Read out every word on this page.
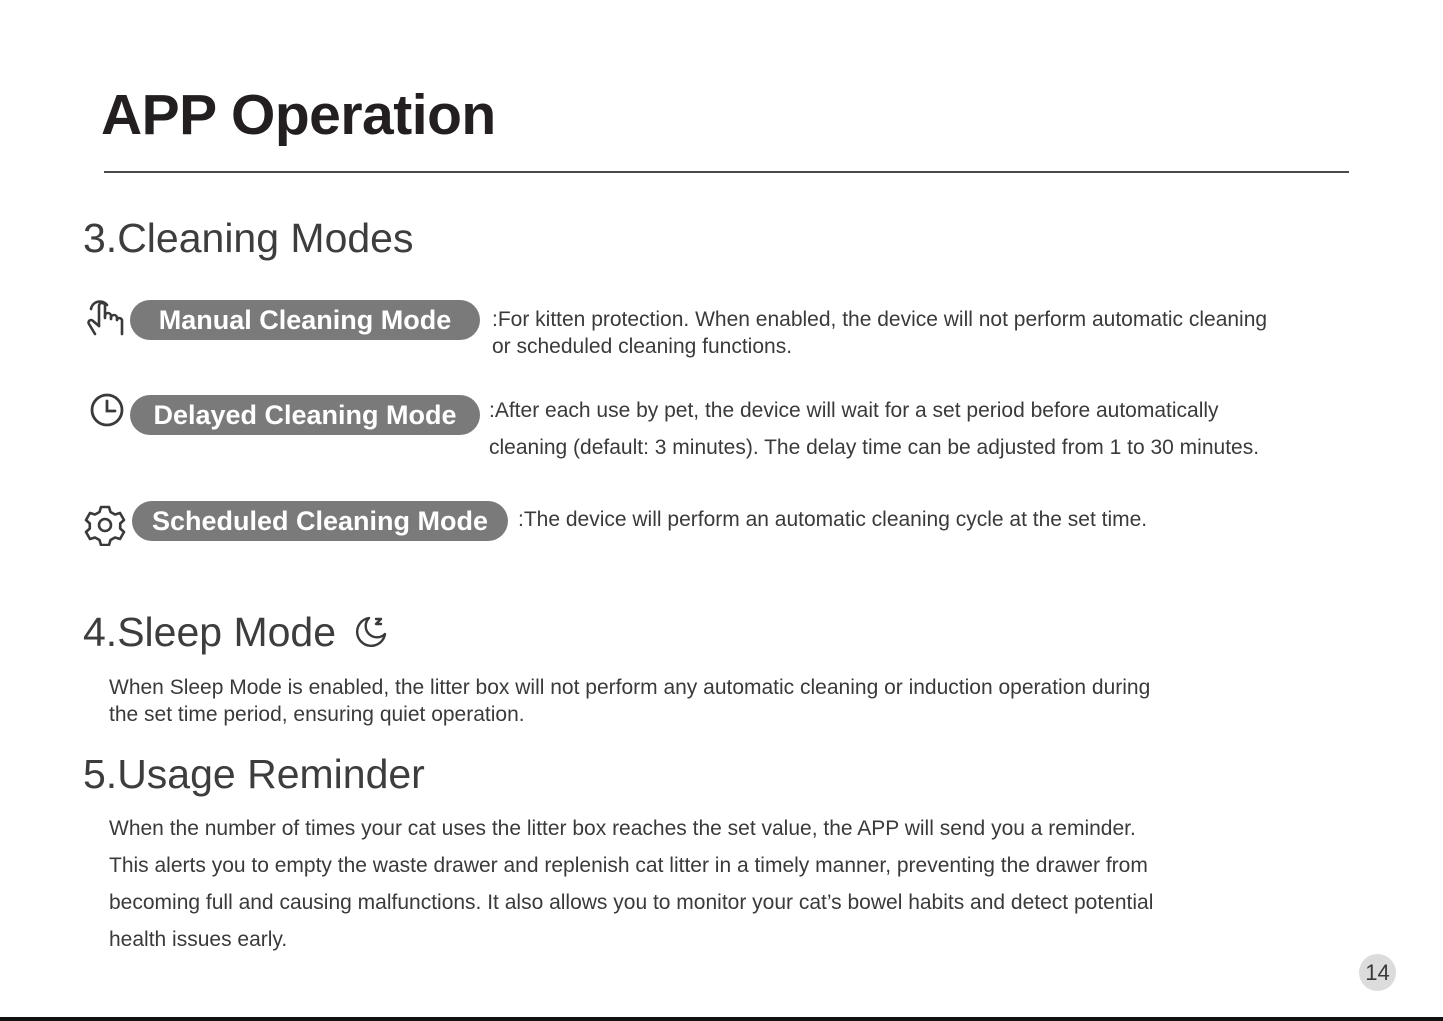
APP Operation
3.Cleaning Modes
Manual Cleaning Mode	:For kitten protection. When enabled, the device will not perform automatic cleaning
or scheduled cleaning functions.
Delayed Cleaning Mode	:After each use by pet, the device will wait for a set period before automatically
cleaning (default: 3 minutes). The delay time can be adjusted from 1 to 30 minutes.
Scheduled Cleaning Mode	:The device will perform an automatic cleaning cycle at the set time.
4.Sleep Mode
When Sleep Mode is enabled, the litter box will not perform any automatic cleaning or induction operation during
the set time period, ensuring quiet operation.
5.Usage Reminder
When the number of times your cat uses the litter box reaches the set value, the APP will send you a reminder.
This alerts you to empty the waste drawer and replenish cat litter in a timely manner, preventing the drawer from
becoming full and causing malfunctions. It also allows you to monitor your cat’s bowel habits and detect potential
health issues early.
14
